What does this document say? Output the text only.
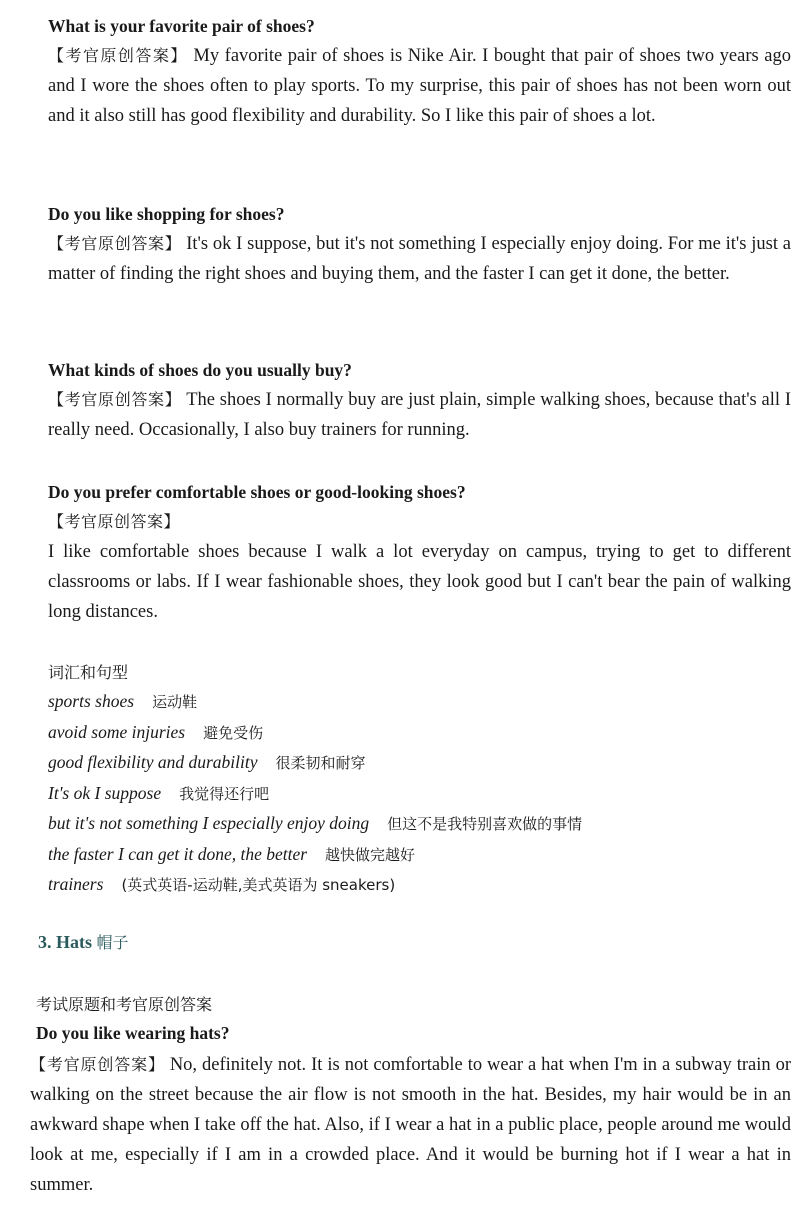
What is your favorite pair of shoes?

【考官原创答案】 My favorite pair of shoes is Nike Air. I bought that pair of shoes two years ago and I wore the shoes often to play sports. To my surprise, this pair of shoes has not been worn out and it also still has good flexibility and durability. So I like this pair of shoes a lot.

Do you like shopping for shoes?

【考官原创答案】 It's ok I suppose, but it's not something I especially enjoy doing. For me it's just a matter of finding the right shoes and buying them, and the faster I can get it done, the better.

What kinds of shoes do you usually buy?

【考官原创答案】 The shoes I normally buy are just plain, simple walking shoes, because that's all I really need. Occasionally, I also buy trainers for running.

Do you prefer comfortable shoes or good-looking shoes?

【考官原创答案】

I like comfortable shoes because I walk a lot everyday on campus, trying to get to different classrooms or labs. If I wear fashionable shoes, they look good but I can't bear the pain of walking long distances.

词汇和句型

sports shoes 运动鞋

avoid some injuries 避免受伤

good flexibility and durability 很柔韧和耐穿

It's ok I suppose 我觉得还行吧

but it's not something I especially enjoy doing 但这不是我特别喜欢做的事情

the faster I can get it done, the better 越快做完越好

trainers (英式英语-运动鞋,美式英语为 sneakers)

3. Hats 帽子

考试原题和考官原创答案

Do you like wearing hats?

【考官原创答案】 No, definitely not. It is not comfortable to wear a hat when I'm in a subway train or walking on the street because the air flow is not smooth in the hat. Besides, my hair would be in an awkward shape when I take off the hat. Also, if I wear a hat in a public place, people around me would look at me, especially if I am in a crowded place. And it would be burning hot if I wear a hat in summer.
